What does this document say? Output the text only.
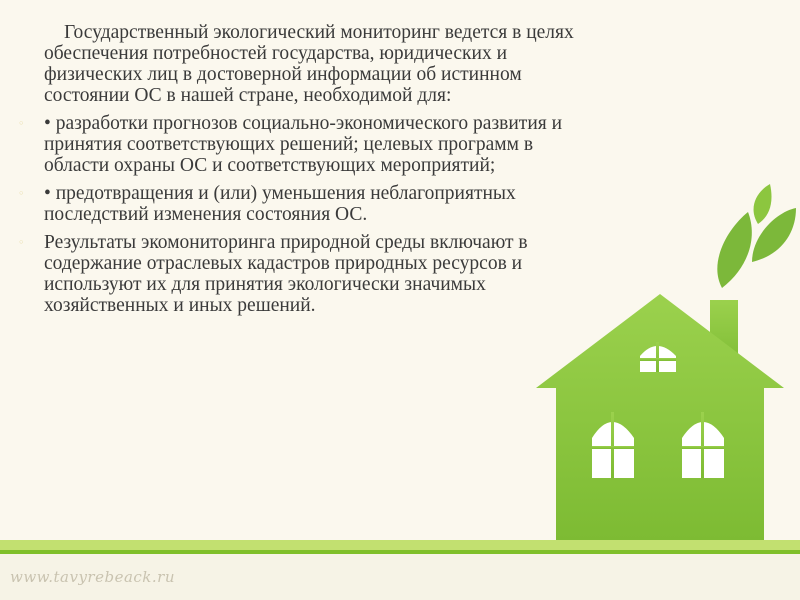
Государственный экологический мониторинг ведется в целях обеспечения потребностей государства, юридических и физических лиц в достоверной информации об истинном состоянии ОС в нашей стране, необходимой для:

◦ • разработки прогнозов социально-экономического развития и принятия соответствующих решений; целевых программ в области охраны ОС и соответствующих мероприятий;
◦ • предотвращения и (или) уменьшения неблагоприятных последствий изменения состояния ОС.
◦ Результаты экомониторинга природной среды включают в содержание отраслевых кадастров природных ресурсов и используют их для принятия экологически значимых хозяйственных и иных решений.
www.tavyrebeack.ru
